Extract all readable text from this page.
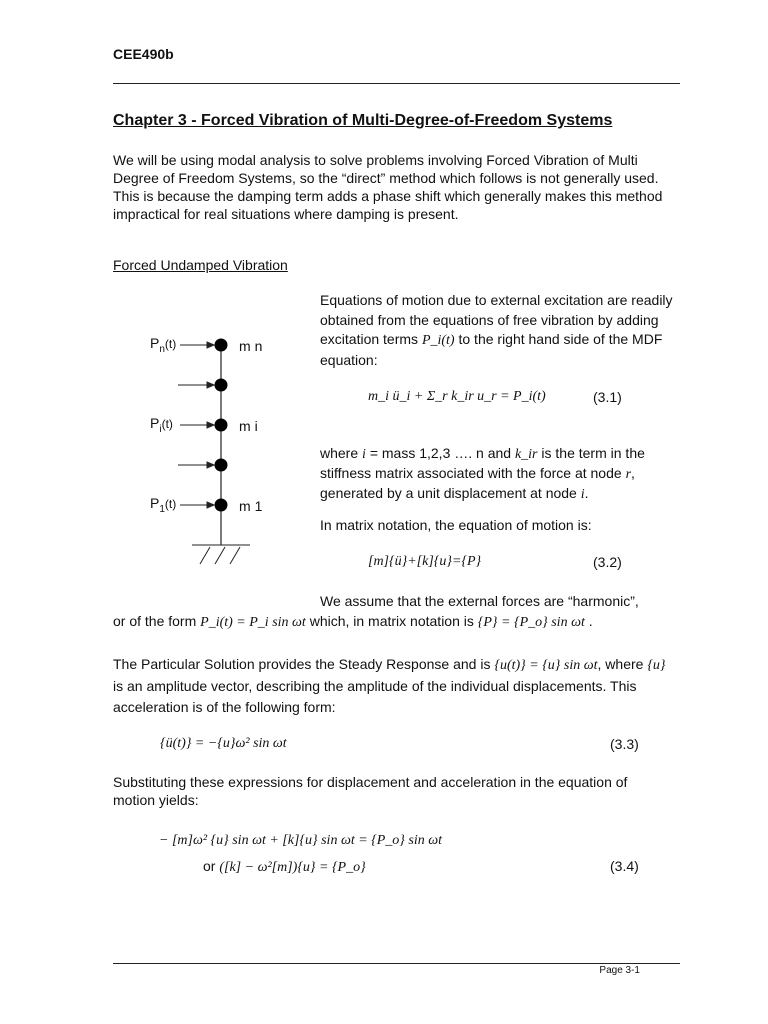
CEE490b
Chapter 3 - Forced Vibration of Multi-Degree-of-Freedom Systems
We will be using modal analysis to solve problems involving Forced Vibration of Multi Degree of Freedom Systems, so the “direct” method which follows is not generally used. This is because the damping term adds a phase shift which generally makes this method impractical for real situations where damping is present.
Forced Undamped Vibration
$P_n(t)$	m n
$P_i(t)$	m i
$P_1(t)$	m 1
Equations of motion due to external excitation are readily obtained from the equations of free vibration by adding excitation terms P_i(t) to the right hand side of the MDF equation:
m_i ü_i + Σ_r k_ir u_r = P_i(t)	(3.1)
where i = mass 1,2,3 …. n and k_ir is the term in the stiffness matrix associated with the force at node r, generated by a unit displacement at node i.
In matrix notation, the equation of motion is:
[m]{ü}+[k]{u}={P}	(3.2)
We assume that the external forces are “harmonic”,
or of the form P_i(t) = P_i sin ωt which, in matrix notation is {P} = {P_o} sin ωt .
The Particular Solution provides the Steady Response and is {u(t)} = {u} sin ωt, where {u} is an amplitude vector, describing the amplitude of the individual displacements. This acceleration is of the following form:
{ü(t)} = −{u}ω² sin ωt	(3.3)
Substituting these expressions for displacement and acceleration in the equation of motion yields:
− [m]ω² {u} sin ωt + [k]{u} sin ωt = {P_o} sin ωt
or ([k] − ω²[m]){u} = {P_o}	(3.4)
Page 3-1
